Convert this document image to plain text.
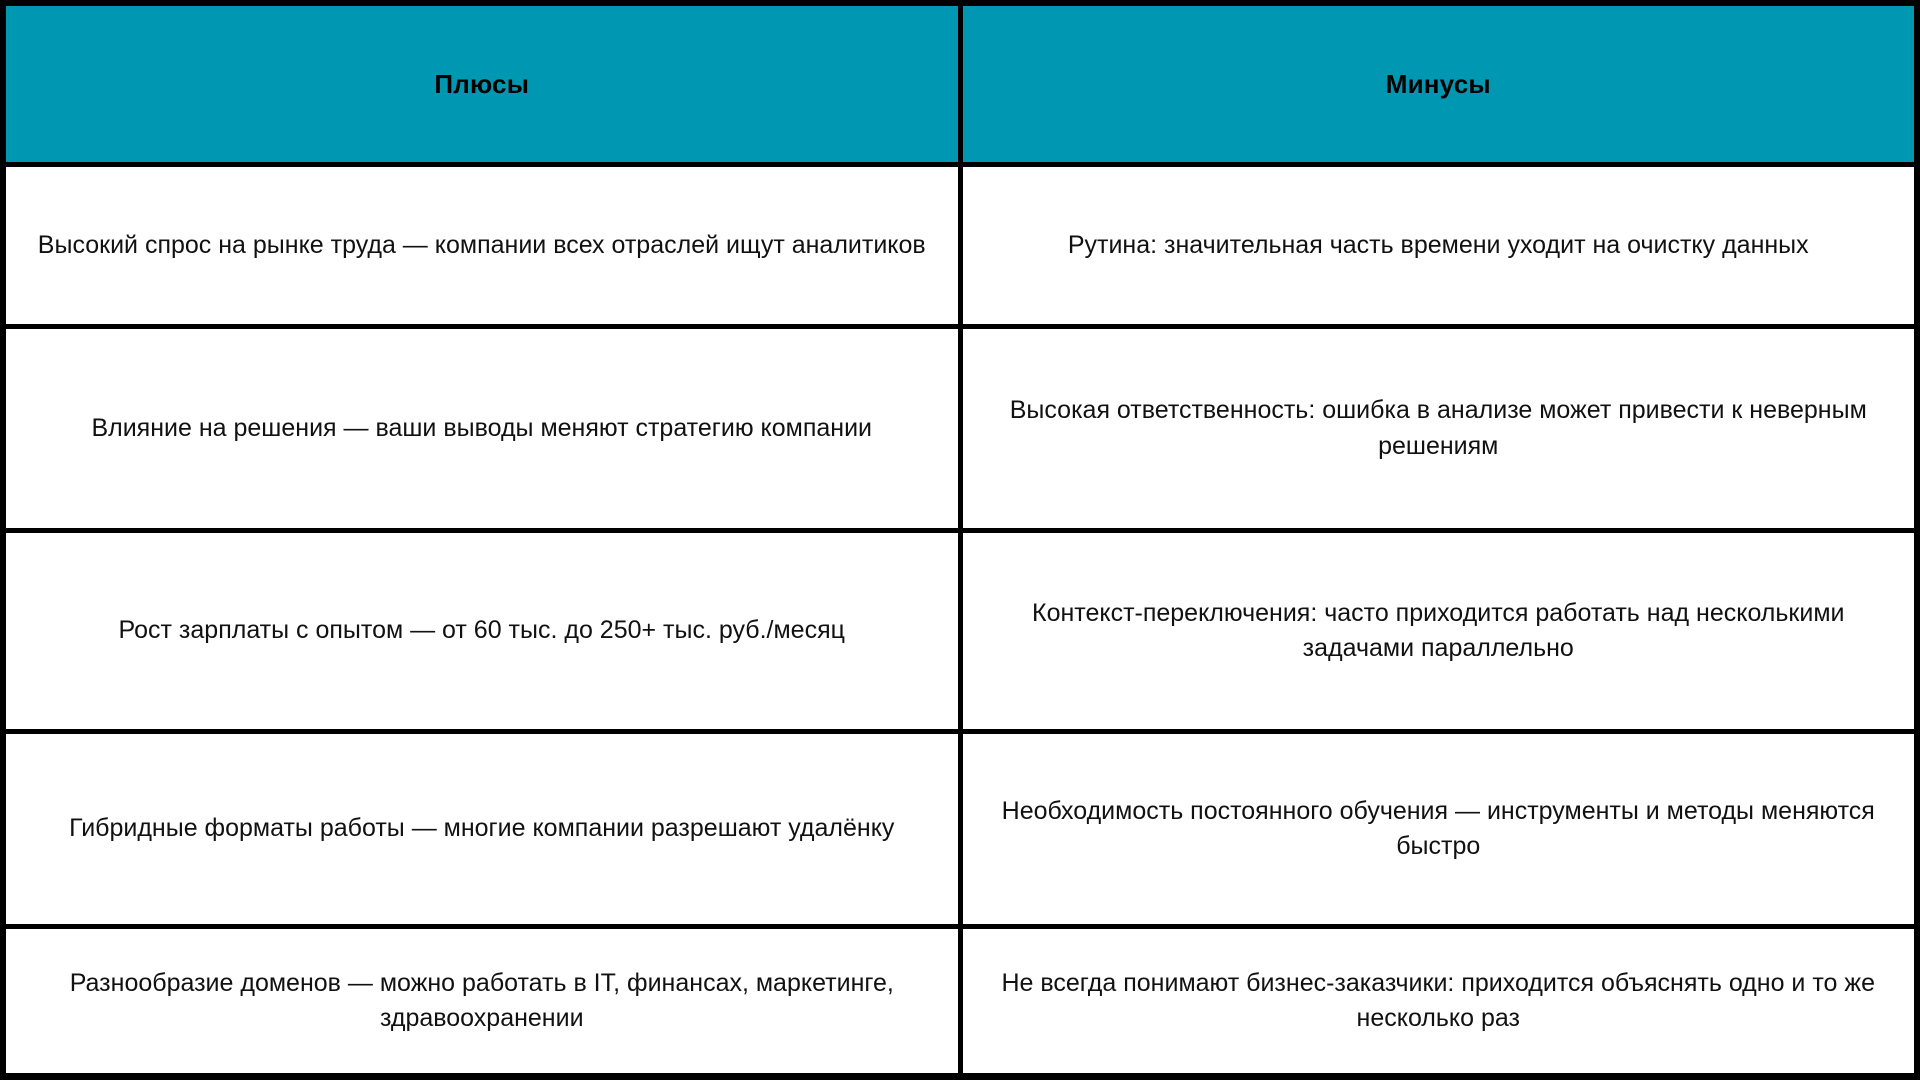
Плюсы	Минусы
Высокий спрос на рынке труда — компании всех отраслей ищут аналитиков	Рутина: значительная часть времени уходит на очистку данных
Влияние на решения — ваши выводы меняют стратегию компании
Высокая ответственность: ошибка в анализе может привести к неверным решениям
Рост зарплаты с опытом — от 60 тыс. до 250+ тыс. руб./месяц
Контекст-переключения: часто приходится работать над несколькими задачами параллельно
Гибридные форматы работы — многие компании разрешают удалёнку
Необходимость постоянного обучения — инструменты и методы меняются быстро
Разнообразие доменов — можно работать в IT, финансах, маркетинге, здравоохранении
Не всегда понимают бизнес-заказчики: приходится объяснять одно и то же несколько раз
